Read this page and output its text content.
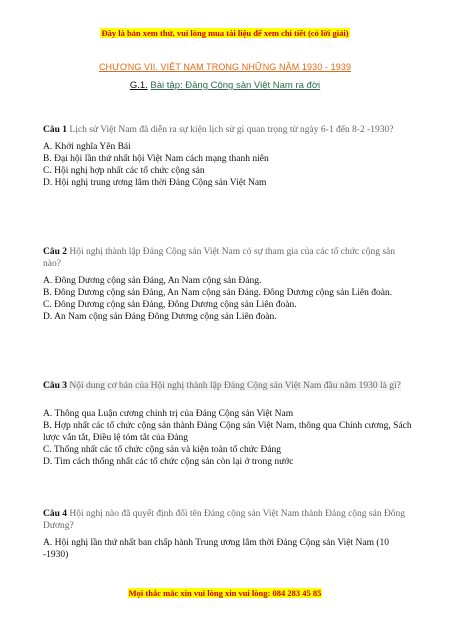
Đây là bản xem thử, vui lòng mua tài liệu để xem chi tiết (có lời giải)
CHƯƠNG VII. VIỆT NAM TRONG NHỮNG NĂM 1930 - 1939
G.1. Bài tập: Đảng Cộng sản Việt Nam ra đời
Câu 1 Lịch sử Việt Nam đã diễn ra sự kiện lịch sử gì quan trọng từ ngày 6-1 đến 8-2 -1930?
A. Khởi nghĩa Yên Bái
B. Đại hội lần thứ nhất hội Việt Nam cách mạng thanh niên
C. Hội nghị hợp nhất các tổ chức cộng sản
D. Hội nghị trung ương lâm thời Đảng Cộng sản Việt Nam
Câu 2 Hội nghị thành lập Đảng Cộng sản Việt Nam có sự tham gia của các tổ chức cộng sản nào?
A. Đông Dương cộng sản Đảng, An Nam cộng sản Đảng.
B. Đông Dương cộng sản Đảng, An Nam cộng sản Đảng. Đông Dương cộng sản Liên đoàn.
C. Đông Dương cộng sản Đảng, Đông Dương cộng sản Liên đoàn.
D. An Nam cộng sản Đảng Đông Dương cộng sản Liên đoàn.
Câu 3 Nội dung cơ bản của Hội nghị thành lập Đảng Cộng sản Việt Nam đầu năm 1930 là gì?
A. Thông qua Luận cương chính trị của Đảng Cộng sản Việt Nam
B. Hợp nhất các tổ chức cộng sản thành Đảng Cộng sản Việt Nam, thông qua Chính cương, Sách lược vắn tắt, Điều lệ tóm tắt của Đảng
C. Thống nhất các tổ chức cộng sản và kiện toàn tổ chức Đảng
D. Tìm cách thống nhất các tổ chức cộng sản còn lại ở trong nước
Câu 4 Hội nghị nào đã quyết định đổi tên Đảng cộng sản Việt Nam thành Đảng cộng sản Đông Dương?
A. Hội nghị lần thứ nhất ban chấp hành Trung ương lâm thời Đảng Cộng sản Việt Nam (10 -1930)
Mọi thắc mắc xin vui lòng xin vui lòng: 084 283 45 85
